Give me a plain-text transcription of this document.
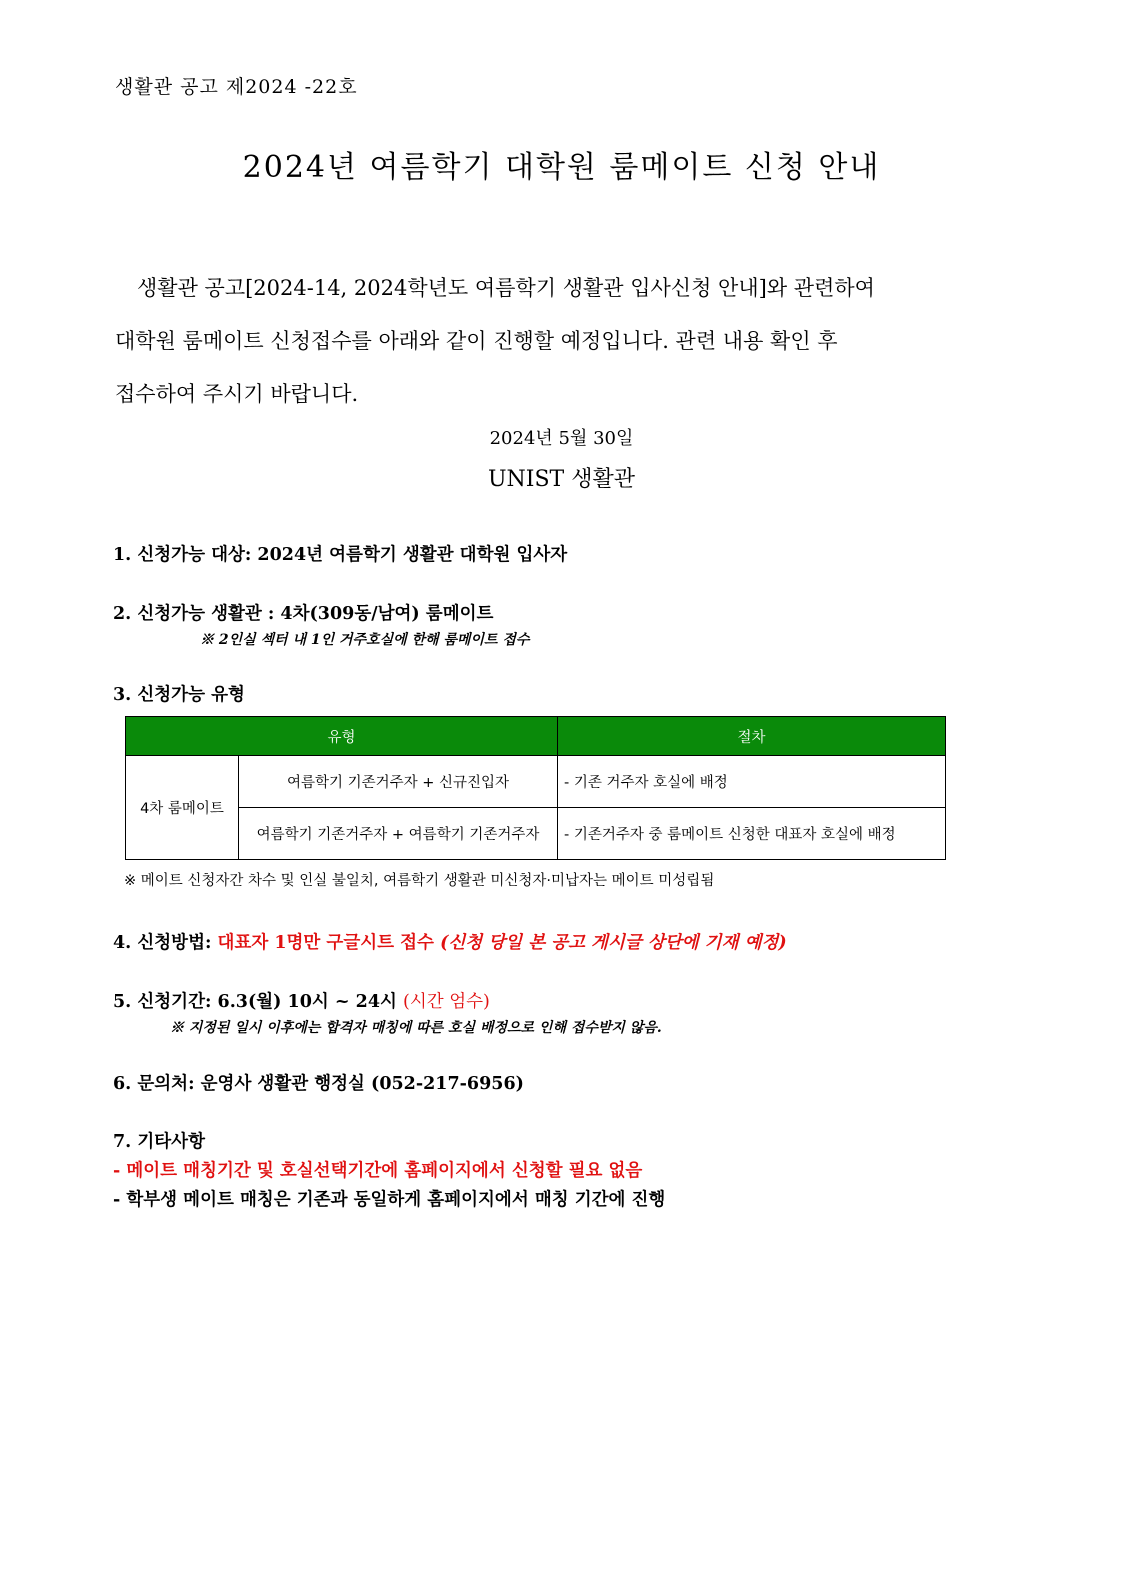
생활관 공고 제2024 -22호
2024년 여름학기 대학원 룸메이트 신청 안내

생활관 공고[2024-14, 2024학년도 여름학기 생활관 입사신청 안내]와 관련하여

대학원 룸메이트 신청접수를 아래와 같이 진행할 예정입니다. 관련 내용 확인 후

접수하여 주시기 바랍니다.

2024년 5월 30일
UNIST 생활관
1. 신청가능 대상: 2024년 여름학기 생활관 대학원 입사자
2. 신청가능 생활관 : 4차(309동/남여) 룸메이트
※ 2인실 섹터 내 1인 거주호실에 한해 룸메이트 접수
3. 신청가능 유형
유형		절차
4차 룸메이트	여름학기 기존거주자 + 신규진입자	- 기존 거주자 호실에 배정
	여름학기 기존거주자 + 여름학기 기존거주자	- 기존거주자 중 룸메이트 신청한 대표자 호실에 배정
※ 메이트 신청자간 차수 및 인실 불일치, 여름학기 생활관 미신청자·미납자는 메이트 미성립됨
4. 신청방법: 대표자 1명만 구글시트 접수 (신청 당일 본 공고 게시글 상단에 기재 예정)
5. 신청기간: 6.3(월) 10시 ~ 24시 (시간 엄수)
※ 지정된 일시 이후에는 합격자 매칭에 따른 호실 배정으로 인해 접수받지 않음.
6. 문의처: 운영사 생활관 행정실 (052-217-6956)
7. 기타사항
- 메이트 매칭기간 및 호실선택기간에 홈페이지에서 신청할 필요 없음
- 학부생 메이트 매칭은 기존과 동일하게 홈페이지에서 매칭 기간에 진행
